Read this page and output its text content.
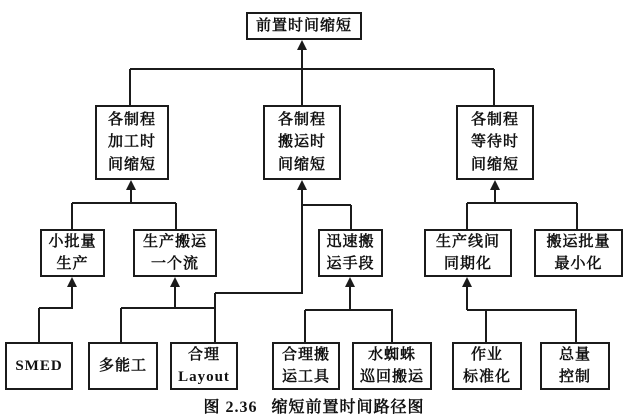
图 2.36 缩短前置时间路径图
前置时间缩短
各制程
加工时
间缩短
各制程
搬运时
间缩短
各制程
等待时
间缩短
小批量
生产
生产搬运
一个流
迅速搬
运手段
生产线间
同期化
搬运批量
最小化
SMED 多能工
合理
Layout
合理搬
运工具
水蜘蛛
巡回搬运
作业
标准化
总量
控制
